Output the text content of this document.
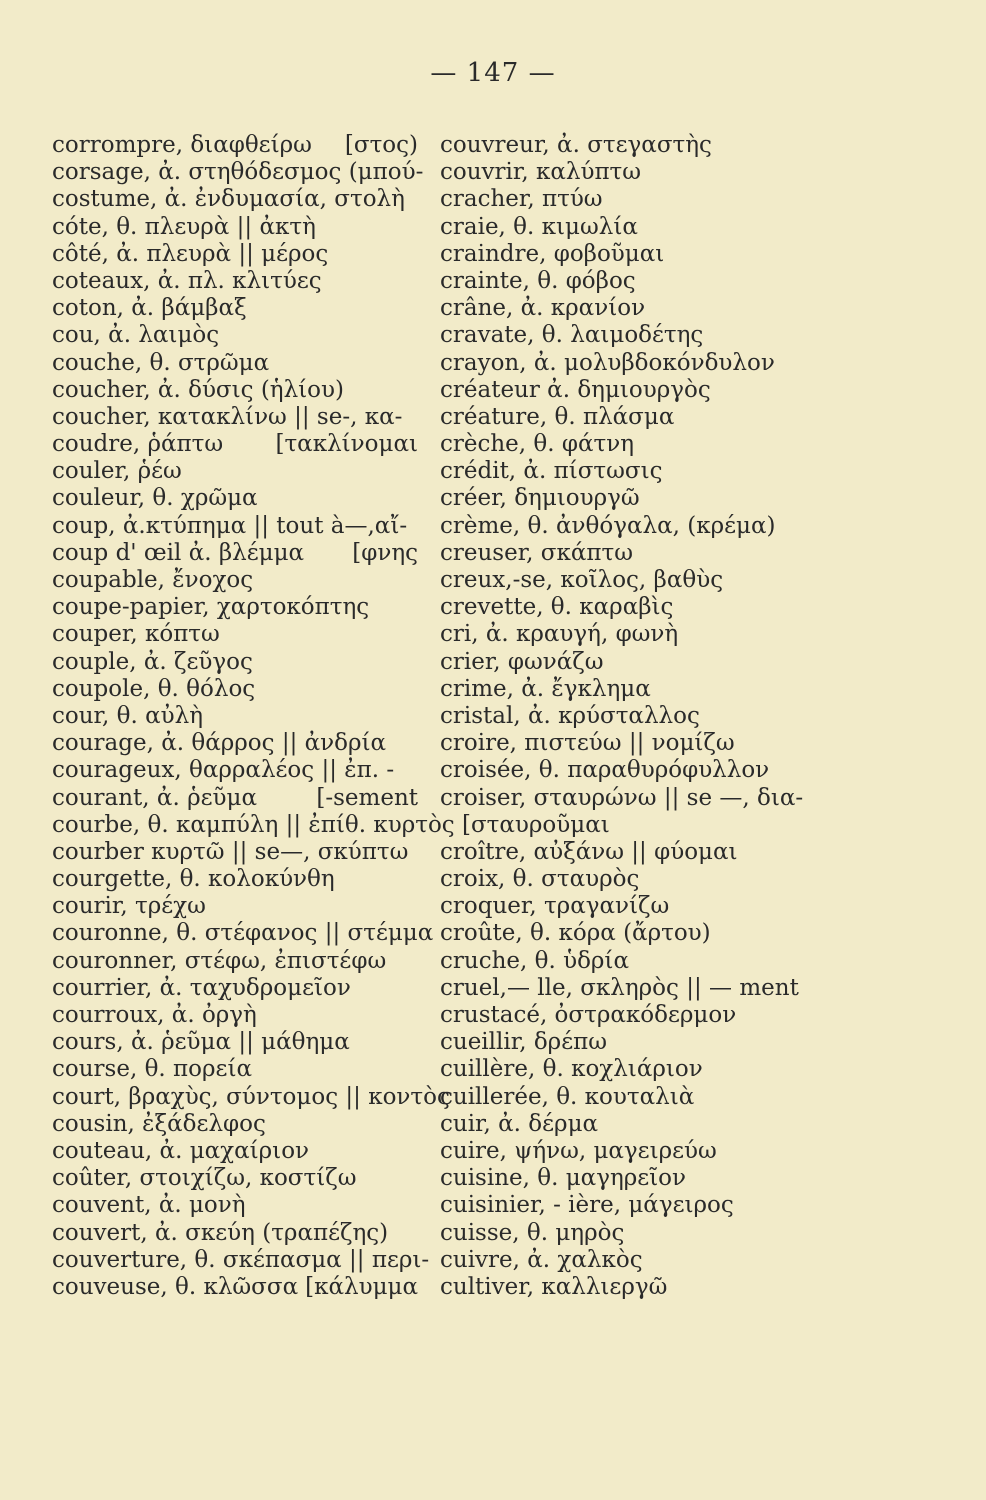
— 147 —
corrompre, διαφθείρω [στος)
corsage, ἀ. στηθόδεσμος (μπού-
costume, ἀ. ἐνδυμασία, στολὴ
cóte, θ. πλευρὰ || ἀκτὴ
côté, ἀ. πλευρὰ || μέρος
coteaux, ἀ. πλ. κλιτύες
coton, ἀ. βάμβαξ
cou, ἀ. λαιμὸς
couche, θ. στρῶμα
coucher, ἀ. δύσις (ἡλίου)
coucher, κατακλίνω || se-, κα-
coudre, ῥάπτω [τακλίνομαι
couler, ῥέω
couleur, θ. χρῶμα
coup, ἀ.κτύπημα || tout à—,αἴ-
coup d' œil ἀ. βλέμμα [φνης
coupable, ἔνοχος
coupe-papier, χαρτοκόπτης
couper, κόπτω
couple, ἀ. ζεῦγος
coupole, θ. θόλος
cour, θ. αὐλὴ
courage, ἀ. θάρρος || ἀνδρία
courageux, θαρραλέος || ἐπ. -
courant, ἀ. ῥεῦμα	[-sement
courbe, θ. καμπύλη || ἐπίθ. κυρτὸς
courber κυρτῶ || se—, σκύπτω
courgette, θ. κολοκύνθη
courir, τρέχω
couronne, θ. στέφανος || στέμμα
couronner, στέφω, ἐπιστέφω
courrier, ἀ. ταχυδρομεῖον
courroux, ἀ. ὀργὴ
cours, ἀ. ῥεῦμα || μάθημα
course, θ. πορεία
court, βραχὺς, σύντομος || κοντὸς
cousin, ἐξάδελφος
couteau, ἀ. μαχαίριον
coûter, στοιχίζω, κοστίζω
couvent, ἀ. μονὴ
couvert, ἀ. σκεύη (τραπέζης)
couverture, θ. σκέπασμα || περι-
couveuse, θ. κλῶσσα [κάλυμμα
couvreur, ἀ. στεγαστὴς
couvrir, καλύπτω
cracher, πτύω
craie, θ. κιμωλία
craindre, φοβοῦμαι
crainte, θ. φόβος
crâne, ἀ. κρανίον
cravate, θ. λαιμοδέτης
crayon, ἀ. μολυβδοκόνδυλον
créateur ἀ. δημιουργὸς
créature, θ. πλάσμα
crèche, θ. φάτνη
crédit, ἀ. πίστωσις
créer, δημιουργῶ
crème, θ. ἀνθόγαλα, (κρέμα)
creuser, σκάπτω
creux,-se, κοῖλος, βαθὺς
crevette, θ. καραβὶς
cri, ἀ. κραυγή, φωνὴ
crier, φωνάζω
crime, ἀ. ἔγκλημα
cristal, ἀ. κρύσταλλος
croire, πιστεύω || νομίζω
croisée, θ. παραθυρόφυλλον
croiser, σταυρώνω || se —, δια-
[σταυροῦμαι
croître, αὐξάνω || φύομαι
croix, θ. σταυρὸς
croquer, τραγανίζω
croûte, θ. κόρα (ἄρτου)
cruche, θ. ὑδρία
cruel,— lle, σκληρὸς || — ment
crustacé, ὀστρακόδερμον
cueillir, δρέπω
cuillère, θ. κοχλιάριον
cuillerée, θ. κουταλιὰ
cuir, ἀ. δέρμα
cuire, ψήνω, μαγειρεύω
cuisine, θ. μαγηρεῖον
cuisinier, - ière, μάγειρος
cuisse, θ. μηρὸς
cuivre, ἀ. χαλκὸς
cultiver, καλλιεργῶ
